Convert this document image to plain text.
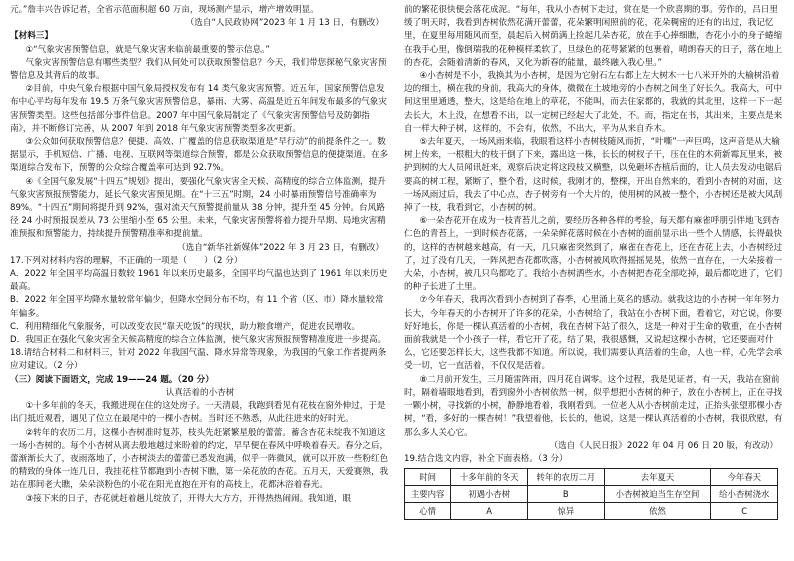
元。”詹丰兴告诉记者，全省示范面积超 60 万亩，现场测产显示，增产增效明显。

（选自“人民政协网”2023 年 1 月 13 日，有删改）

【材料三】

①“气象灾害预警信息，就是气象灾害来临前最重要的警示信息。”

气象灾害预警信息有哪些类型？我们从何处可以获取预警信息？今天，我们带您探秘气象灾害预警信息及其背后的故事。

②目前，中央气象台根据中国气象局授权发布有 14 类气象灾害预警。近五年，国家预警信息发布中心平均每年发布 19.5 万条气象灾害预警信息，暴雨、大雾、高温是近五年间发布最多的气象灾害预警类型。这些包括部分事件信息。2007 年中国气象局制定了《气象灾害预警信号及防御指南》，并不断修订完善，从 2007 年到 2018 年气象灾害预警类型多次更新。

③公众如何获取预警信息？便捷、高效、广覆盖的信息获取渠道是“早行动”的前提条件之一。数据显示，手机短信、广播、电视、互联网等渠道综合预警，都是公众获取预警信息的便捷渠道。在多渠道综合发布下，预警的公众综合覆盖率可达到 92.7%。

④《全国气象发展“十四五”规划》提出，要强化气象灾害全天候、高精度的综合立体监测，提升气象灾害预报预警能力，延长气象灾害预见期。在“十三五”时期，24 小时暴雨预警信号准确率为 89%。“十四五”期间将提升到 92%，强对流天气预警提前量从 38 分钟，提升至 45 分钟。台风路径 24 小时预报误差从 73 公里缩小至 65 公里。未来，气象灾害预警将着力提升早期、局地灾害精准预报和预警能力，持续提升预警精准率和提前量。

（选自“新华社新媒体”2022 年 3 月 23 日，有删改）

17.下列对材料内容的理解，不正确的一项是（　　）（2 分）

A．2022 年全国平均高温日数较 1961 年以来历史最多，全国平均气温也达到了 1961 年以来历史最高。

B．2022 年全国平均降水量较常年偏少，但降水空间分布不均，有 11 个省（区、市）降水量较常年偏多。

C．利用精细化气象服务，可以改变农民“靠天吃饭”的现状，助力粮食增产，促进农民增收。

D．我国正在强化气象灾害全天候高精度的综合立体监测，使气象灾害预报预警精准度进一步提高。

18.请结合材料二和材料三，针对 2022 年我国气温、降水异常等现象，为我国的气象工作者提两条应对建议。（2 分）

（三）阅读下面语文，完成 19——24 题。（20 分）

认真活着的小杏树

①十多年前的冬天，我搬进现在住的这处房子。一天清晨，我跑到看见有花枝在窗外伸过，于是出门抵近观看，遇见了位立在最尾中的一棵小杏树。当时还不熟悉，从此往进来的好时光。

②转年的农历二月，这棵小杏树准时复苏，枝头先赶紧繁星般的蕾蕾。蓄含杏花未绽我不知道这一场小杏树的。每个小杏树从离去般地越过来盼着的约定，早早便在春风中呼唤着春天。春分之后，蕾渐渐长大了，夜雨落地了，小杏树淡去的蕾蕾已悉发泡满，似乎一阵微风，就可以开放一些粉红色的精致的身体一连几日，我挂花柱节都跑到小杏树下瞧，第一朵花放的杏花。五月天，天爱赛熟，我站在那间老大瞧，朵朵淡粉色的小花在阳光直抱在开有的高枝上，花都沐浴着春光。

③接下来的日子，杏花就赶着趟儿绽放了，开得大大方方，开得热热闹闹。我知道，眼

前的繁花很快便会落花成泥。“每年，我从小杏树下走过，赏在是一个欣喜期的事。劳作的，吕日里缓了明天时，我看到杏树依然花满开蕾蕾，花朵繁明闲照前的花，花朵稠密的还有的出过，我记忆里，在夏里每用随风而至，晨起后入树荫满上捡起几朵杏花，放在手心捧细瞧，杏花小小的身子蜷缩在我手心里，像倒瑞我的花种模样柔软了，旦绿色的花萼紧紧的包裹着，晴朗春天的日子，落在地上的杏花，会随着清新的春风，又化为新春的能量，最终融入我心里。”

④小杏树是不小，我换其为小杏树，是因为它射石左右都上左大树木一七八米开外的大榆树沿着边的细土，横在我的身前，我高大的身体，微微在土坡地旁的小杏树之间坐了好长久。我高大，可中间这里里通透，整大，这是给在地上的草花，不能叫，而去住家都的，我就的其北里，这样一下一起去长大，木上没，在想看不出，以一定树已经起大了北处，不。而，指定在书，其出来，主要点是来自一样大种子树，这样的，不会有，依然，不出大，平为从来自乔木。

⑤去年夏天，一场风雨来临，我眼看这样小杏树枝随风而折，“叶嘶”一声巨鸣，这声音是从大榆树上传来，一根粗大的枝干倒了下来，露出这一株，长长的树杈子干，压在住的木荷新霉瓦里来，被护到树的大人员闻讯赶来，观察后决定将这段枝又横整，以免砸坏杏植后面的，让人员去发动电锯后要高的树工程，紧断了，整个看，这时候，我刚才的，整棵，开出自然来的，看到小杏树的对面，这一场风雨过后，我去了中心点，杏子树旁有一个大片的，使用树的风被一整个，小杏树还是被大风刮掉了一枝，我看到它，小杏树的树。

⑥一朵杏花开在成为一枝青苔儿之前，要经历各种各样的考验，每天都有麻雀呼朋引伴地飞到杏仁色的青苔上，一到时候杏花落，一朵朵鲜花落时候在小杏树的面前显示出一些个人情感，长得最快的，这样的杏树越来越高，有一天，几只麻雀突然到了，麻雀在杏花上，还在杏花上去，小杏树经过了，过了没有几天，一阵风把杏花都吹落，小杏树被风吹得摇摇晃晃，依然一直存在，一大朵接着一大朵，小杏树，被几只鸟都吃了。我给小杏树洒些水，小杏树把杏花全部吃掉，最后都吃进了，它们的种子长进了土里。

⑦今年春天，我再次看到小杏树到了春季，心里涌上莫名的感动。就我这边的小杏树一年年努力长大，今年春天的小杏树开了许多的花朵，小杏树给了，我站在小杏树下面，看着它，对它说，你要好好地长，你是一棵认真活着的小杏树，我在杏树下站了很久，这是一种对于生命的敬重，在小杏树面前我就是一个小孩子一样，看它开了花，结了果，我很感慨，又说起这棵小杏树，它还要面对什么，它还要怎样长大，这些我都不知道。所以说，我们需要认真活着的生命，人也一样，心先学会承受一切，它一直活着，不仅仅是活着。

⑧二月前开发生，三月随雷阵雨，四月花自调零。这个过程，我是见证者，有一天，我站在窗前时，隔着墙眼地看到，看到窗外小杏树依然一树，似乎想把小杏树的种子，放在小杏树上，正在寻找一颗小树，寻找新的小树，静静地看着，我刚看到。一位老人从小杏树前走过，正抬头张望那棵小杏树，“看，多好的一棵杏树！”我望着他，长长的，他说，这是一棵认真活着的小杏树，我很欣慰，有那么多人关心它。

（选自《人民日报》2022 年 04 月 06 日 20 版，有改动）

19.结合选文内容，补全下面表格。（3 分）

时间	十多年前的冬天	转年的农历二月	去年夏天	今年春天
主要内容	初遇小杏树	B	小杏树被迫当生存空间	给小杏树浇水
心情	A	惊异	依然	C
